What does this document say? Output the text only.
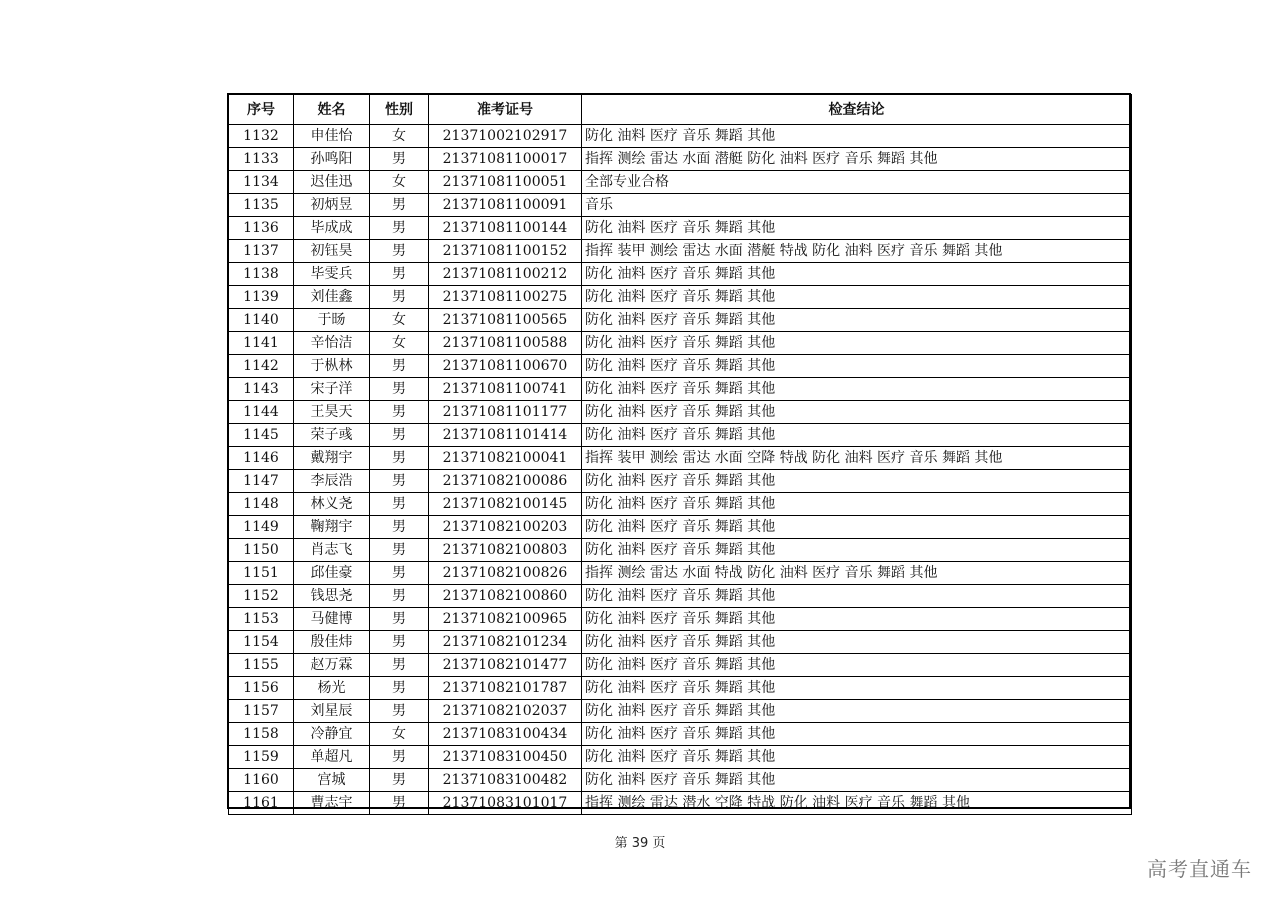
序号	姓名	性别	准考证号	检查结论
1132	申佳怡	女	21371002102917	防化 油料 医疗 音乐 舞蹈 其他
1133	孙鸣阳	男	21371081100017	指挥 测绘 雷达 水面 潜艇 防化 油料 医疗 音乐 舞蹈 其他
1134	迟佳迅	女	21371081100051	全部专业合格
1135	初炳昱	男	21371081100091	音乐
1136	毕成成	男	21371081100144	防化 油料 医疗 音乐 舞蹈 其他
1137	初钰昊	男	21371081100152	指挥 装甲 测绘 雷达 水面 潜艇 特战 防化 油料 医疗 音乐 舞蹈 其他
1138	毕雯兵	男	21371081100212	防化 油料 医疗 音乐 舞蹈 其他
1139	刘佳鑫	男	21371081100275	防化 油料 医疗 音乐 舞蹈 其他
1140	于旸	女	21371081100565	防化 油料 医疗 音乐 舞蹈 其他
1141	辛怡洁	女	21371081100588	防化 油料 医疗 音乐 舞蹈 其他
1142	于枞林	男	21371081100670	防化 油料 医疗 音乐 舞蹈 其他
1143	宋子洋	男	21371081100741	防化 油料 医疗 音乐 舞蹈 其他
1144	王昊天	男	21371081101177	防化 油料 医疗 音乐 舞蹈 其他
1145	荣子彧	男	21371081101414	防化 油料 医疗 音乐 舞蹈 其他
1146	戴翔宇	男	21371082100041	指挥 装甲 测绘 雷达 水面 空降 特战 防化 油料 医疗 音乐 舞蹈 其他
1147	李辰浩	男	21371082100086	防化 油料 医疗 音乐 舞蹈 其他
1148	林义尧	男	21371082100145	防化 油料 医疗 音乐 舞蹈 其他
1149	鞠翔宇	男	21371082100203	防化 油料 医疗 音乐 舞蹈 其他
1150	肖志飞	男	21371082100803	防化 油料 医疗 音乐 舞蹈 其他
1151	邱佳豪	男	21371082100826	指挥 测绘 雷达 水面 特战 防化 油料 医疗 音乐 舞蹈 其他
1152	钱思尧	男	21371082100860	防化 油料 医疗 音乐 舞蹈 其他
1153	马健博	男	21371082100965	防化 油料 医疗 音乐 舞蹈 其他
1154	殷佳炜	男	21371082101234	防化 油料 医疗 音乐 舞蹈 其他
1155	赵万霖	男	21371082101477	防化 油料 医疗 音乐 舞蹈 其他
1156	杨光	男	21371082101787	防化 油料 医疗 音乐 舞蹈 其他
1157	刘星辰	男	21371082102037	防化 油料 医疗 音乐 舞蹈 其他
1158	冷静宜	女	21371083100434	防化 油料 医疗 音乐 舞蹈 其他
1159	单超凡	男	21371083100450	防化 油料 医疗 音乐 舞蹈 其他
1160	宫城	男	21371083100482	防化 油料 医疗 音乐 舞蹈 其他
1161	曹志宇	男	21371083101017	指挥 测绘 雷达 潜水 空降 特战 防化 油料 医疗 音乐 舞蹈 其他
第 39 页
高考直通车
